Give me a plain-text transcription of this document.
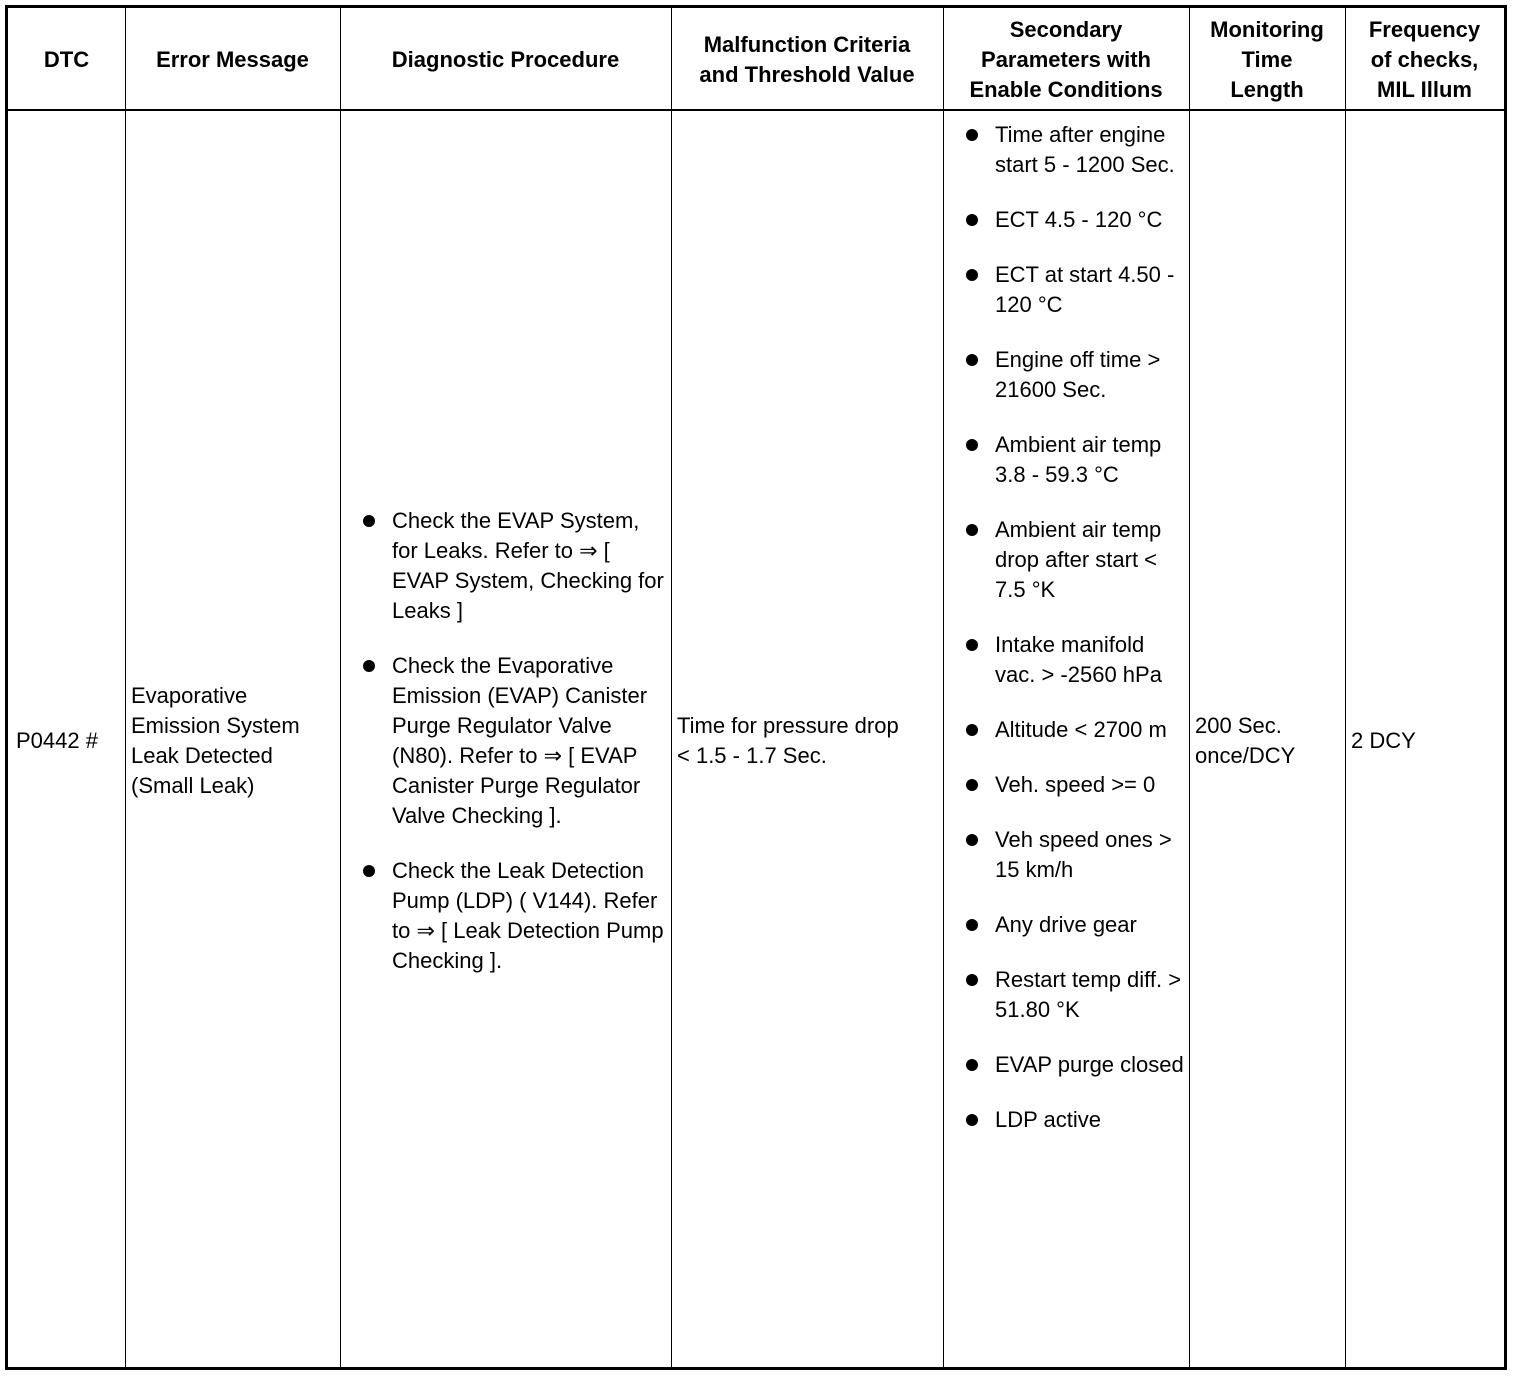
DTC	Error Message	Diagnostic Procedure
Malfunction Criteria
and Threshold Value
Secondary
Parameters with
Enable Conditions
Monitoring
Time
Length
Frequency
of checks,
MIL Illum
P0442 #
Evaporative
Emission System
Leak Detected
(Small Leak)
Check the EVAP System, for Leaks. Refer to ⇒ [ EVAP System, Checking for Leaks ]
Check the Evaporative Emission (EVAP) Canister Purge Regulator Valve (N80). Refer to ⇒ [ EVAP Canister Purge Regulator Valve Checking ].
Check the Leak Detection Pump (LDP) ( V144). Refer to ⇒ [ Leak Detection Pump Checking ].
Time for pressure drop
< 1.5 - 1.7 Sec.
Time after engine start 5 - 1200 Sec.
ECT 4.5 - 120 °C
ECT at start 4.50 - 120 °C
Engine off time > 21600 Sec.
Ambient air temp 3.8 - 59.3 °C
Ambient air temp drop after start < 7.5 °K
Intake manifold vac. > -2560 hPa
Altitude < 2700 m
Veh. speed >= 0
Veh speed ones > 15 km/h
Any drive gear
Restart temp diff. > 51.80 °K
EVAP purge closed
LDP active
200 Sec.
once/DCY
2 DCY
